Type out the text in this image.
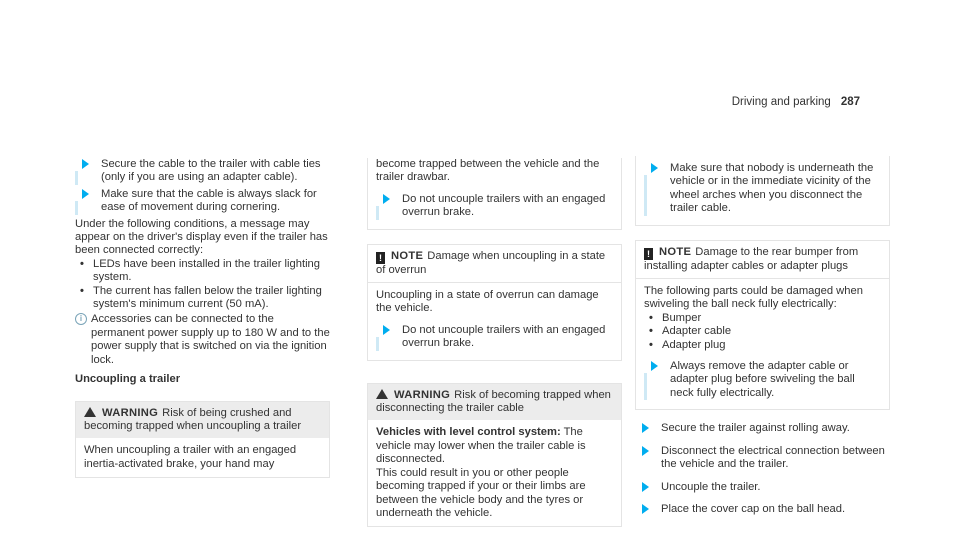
Driving and parking 287

Secure the cable to the trailer with cable ties (only if you are using an adapter cable).

Make sure that the cable is always slack for ease of movement during cornering.

Under the following conditions, a message may appear on the driver's display even if the trailer has been connected correctly:

• LEDs have been installed in the trailer lighting system.
• The current has fallen below the trailer lighting system's minimum current (50 mA).
i Accessories can be connected to the permanent power supply up to 180 W and to the power supply that is switched on via the ignition lock.

Uncoupling a trailer

WARNING Risk of being crushed and becoming trapped when uncoupling a trailer

When uncoupling a trailer with an engaged inertia-activated brake, your hand may

become trapped between the vehicle and the trailer drawbar.

Do not uncouple trailers with an engaged overrun brake.

! NOTE Damage when uncoupling in a state of overrun

Uncoupling in a state of overrun can damage the vehicle.

Do not uncouple trailers with an engaged overrun brake.

WARNING Risk of becoming trapped when disconnecting the trailer cable

Vehicles with level control system: The vehicle may lower when the trailer cable is disconnected.

This could result in you or other people becoming trapped if your or their limbs are between the vehicle body and the tyres or underneath the vehicle.

Make sure that nobody is underneath the vehicle or in the immediate vicinity of the wheel arches when you disconnect the trailer cable.

! NOTE Damage to the rear bumper from installing adapter cables or adapter plugs

The following parts could be damaged when swiveling the ball neck fully electrically:

• Bumper
• Adapter cable
• Adapter plug

Always remove the adapter cable or adapter plug before swiveling the ball neck fully electrically.

Secure the trailer against rolling away.

Disconnect the electrical connection between the vehicle and the trailer.

Uncouple the trailer.

Place the cover cap on the ball head.
